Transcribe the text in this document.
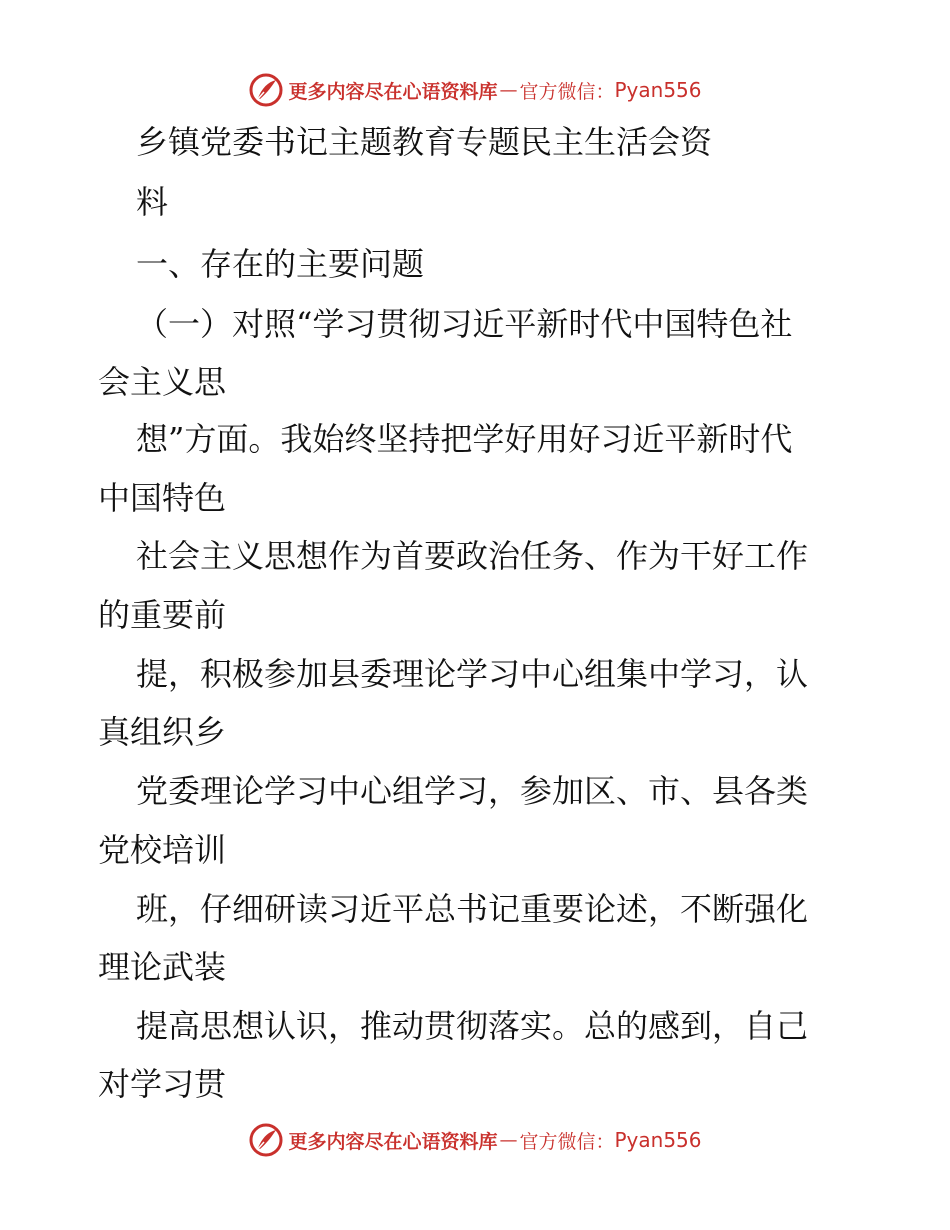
更多内容尽在心语资料库 — 官方微信： Pyan556
乡镇党委书记主题教育专题民主生活会资
料
一、存在的主要问题
（一）对照“学习贯彻习近平新时代中国特色社
会主义思
想”方面。我始终坚持把学好用好习近平新时代
中国特色
社会主义思想作为首要政治任务、作为干好工作
的重要前
提，积极参加县委理论学习中心组集中学习，认
真组织乡
党委理论学习中心组学习，参加区、市、县各类
党校培训
班，仔细研读习近平总书记重要论述，不断强化
理论武装
提高思想认识，推动贯彻落实。总的感到，自己
对学习贯
更多内容尽在心语资料库 — 官方微信： Pyan556
